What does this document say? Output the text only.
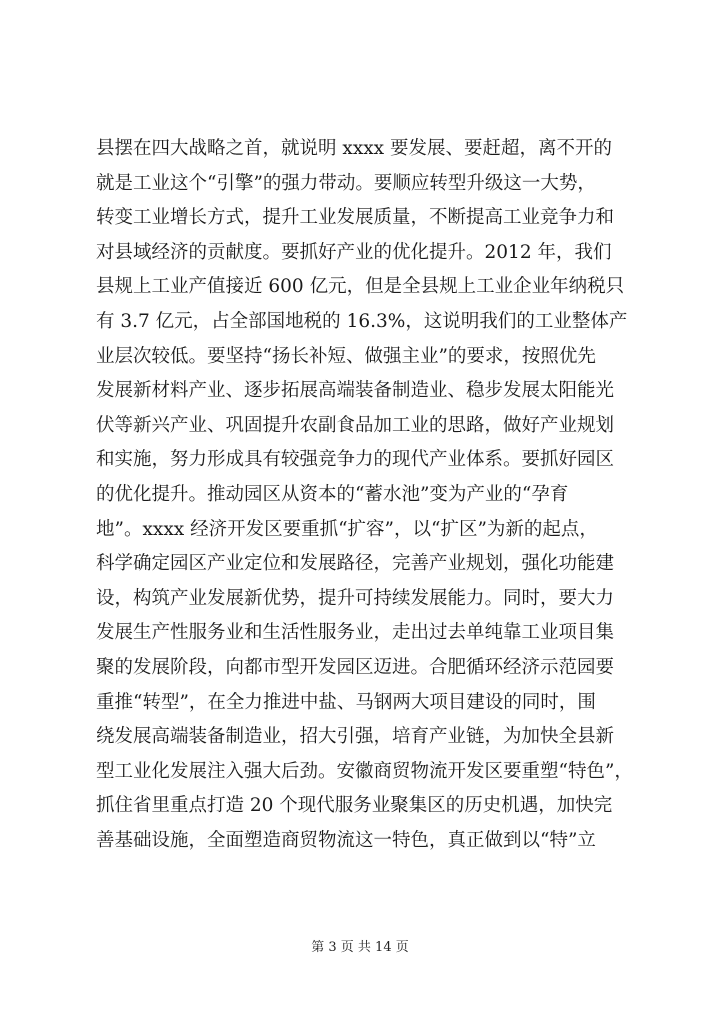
县摆在四大战略之首，就说明 xxxx 要发展、要赶超，离不开的
就是工业这个“引擎”的强力带动。要顺应转型升级这一大势，
转变工业增长方式，提升工业发展质量，不断提高工业竞争力和
对县域经济的贡献度。要抓好产业的优化提升。2012 年，我们
县规上工业产值接近 600 亿元，但是全县规上工业企业年纳税只
有 3.7 亿元，占全部国地税的 16.3%，这说明我们的工业整体产
业层次较低。要坚持“扬长补短、做强主业”的要求，按照优先
发展新材料产业、逐步拓展高端装备制造业、稳步发展太阳能光
伏等新兴产业、巩固提升农副食品加工业的思路，做好产业规划
和实施，努力形成具有较强竞争力的现代产业体系。要抓好园区
的优化提升。推动园区从资本的“蓄水池”变为产业的“孕育
地”。xxxx 经济开发区要重抓“扩容”，以“扩区”为新的起点，
科学确定园区产业定位和发展路径，完善产业规划，强化功能建
设，构筑产业发展新优势，提升可持续发展能力。同时，要大力
发展生产性服务业和生活性服务业，走出过去单纯靠工业项目集
聚的发展阶段，向都市型开发园区迈进。合肥循环经济示范园要
重推“转型”，在全力推进中盐、马钢两大项目建设的同时，围
绕发展高端装备制造业，招大引强，培育产业链，为加快全县新
型工业化发展注入强大后劲。安徽商贸物流开发区要重塑“特色”，
抓住省里重点打造 20 个现代服务业聚集区的历史机遇，加快完
善基础设施，全面塑造商贸物流这一特色，真正做到以“特”立
第 3 页 共 14 页
